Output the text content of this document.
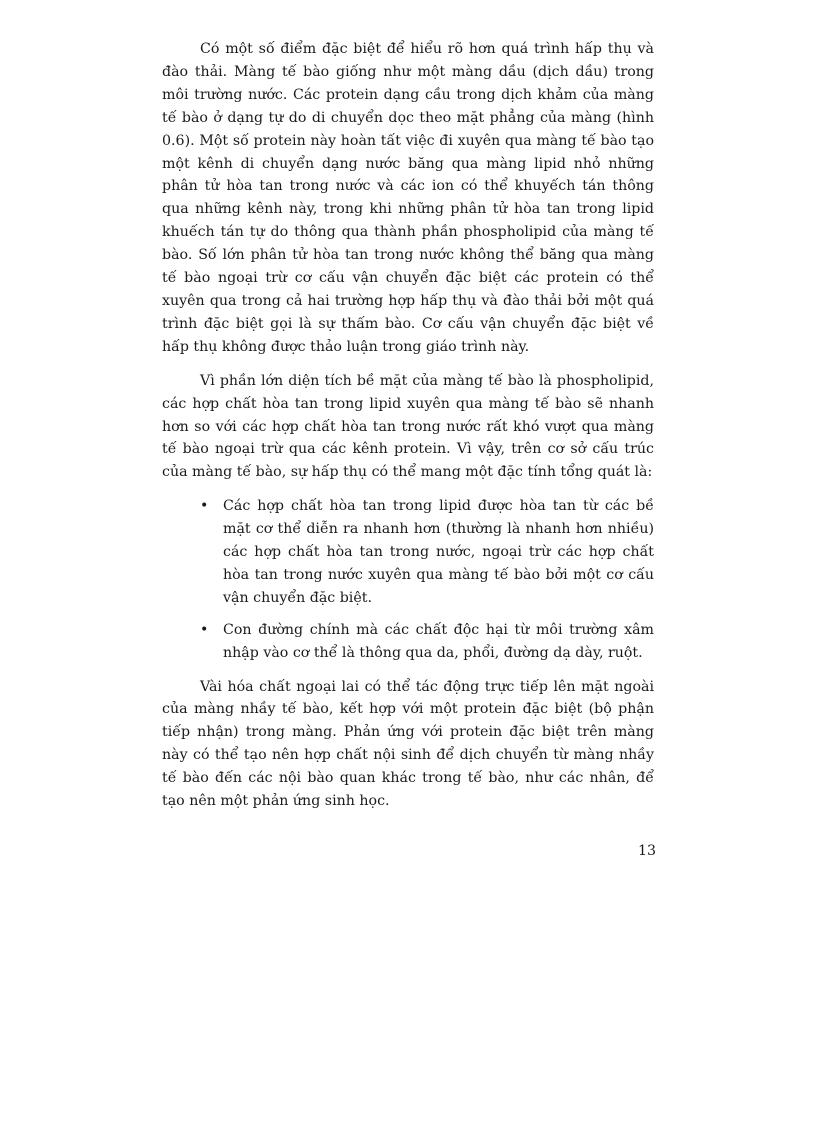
Có một số điểm đặc biệt để hiểu rõ hơn quá trình hấp thụ và đào thải. Màng tế bào giống như một màng dầu (dịch dầu) trong môi trường nước. Các protein dạng cầu trong dịch khảm của màng tế bào ở dạng tự do di chuyển dọc theo mặt phẳng của màng (hình 0.6). Một số protein này hoàn tất việc đi xuyên qua màng tế bào tạo một kênh di chuyển dạng nước băng qua màng lipid nhỏ những phân tử hòa tan trong nước và các ion có thể khuyếch tán thông qua những kênh này, trong khi những phân tử hòa tan trong lipid khuếch tán tự do thông qua thành phần phospholipid của màng tế bào. Số lớn phân tử hòa tan trong nước không thể băng qua màng tế bào ngoại trừ cơ cấu vận chuyển đặc biệt các protein có thể xuyên qua trong cả hai trường hợp hấp thụ và đào thải bởi một quá trình đặc biệt gọi là sự thấm bào. Cơ cấu vận chuyển đặc biệt về hấp thụ không được thảo luận trong giáo trình này.

Vì phần lớn diện tích bề mặt của màng tế bào là phospholipid, các hợp chất hòa tan trong lipid xuyên qua màng tế bào sẽ nhanh hơn so với các hợp chất hòa tan trong nước rất khó vượt qua màng tế bào ngoại trừ qua các kênh protein. Vì vậy, trên cơ sở cấu trúc của màng tế bào, sự hấp thụ có thể mang một đặc tính tổng quát là:

• Các hợp chất hòa tan trong lipid được hòa tan từ các bề mặt cơ thể diễn ra nhanh hơn (thường là nhanh hơn nhiều) các hợp chất hòa tan trong nước, ngoại trừ các hợp chất hòa tan trong nước xuyên qua màng tế bào bởi một cơ cấu vận chuyển đặc biệt.
• Con đường chính mà các chất độc hại từ môi trường xâm nhập vào cơ thể là thông qua da, phổi, đường dạ dày, ruột.

Vài hóa chất ngoại lai có thể tác động trực tiếp lên mặt ngoài của màng nhầy tế bào, kết hợp với một protein đặc biệt (bộ phận tiếp nhận) trong màng. Phản ứng với protein đặc biệt trên màng này có thể tạo nên hợp chất nội sinh để dịch chuyển từ màng nhầy tế bào đến các nội bào quan khác trong tế bào, như các nhân, để tạo nên một phản ứng sinh học.

13
